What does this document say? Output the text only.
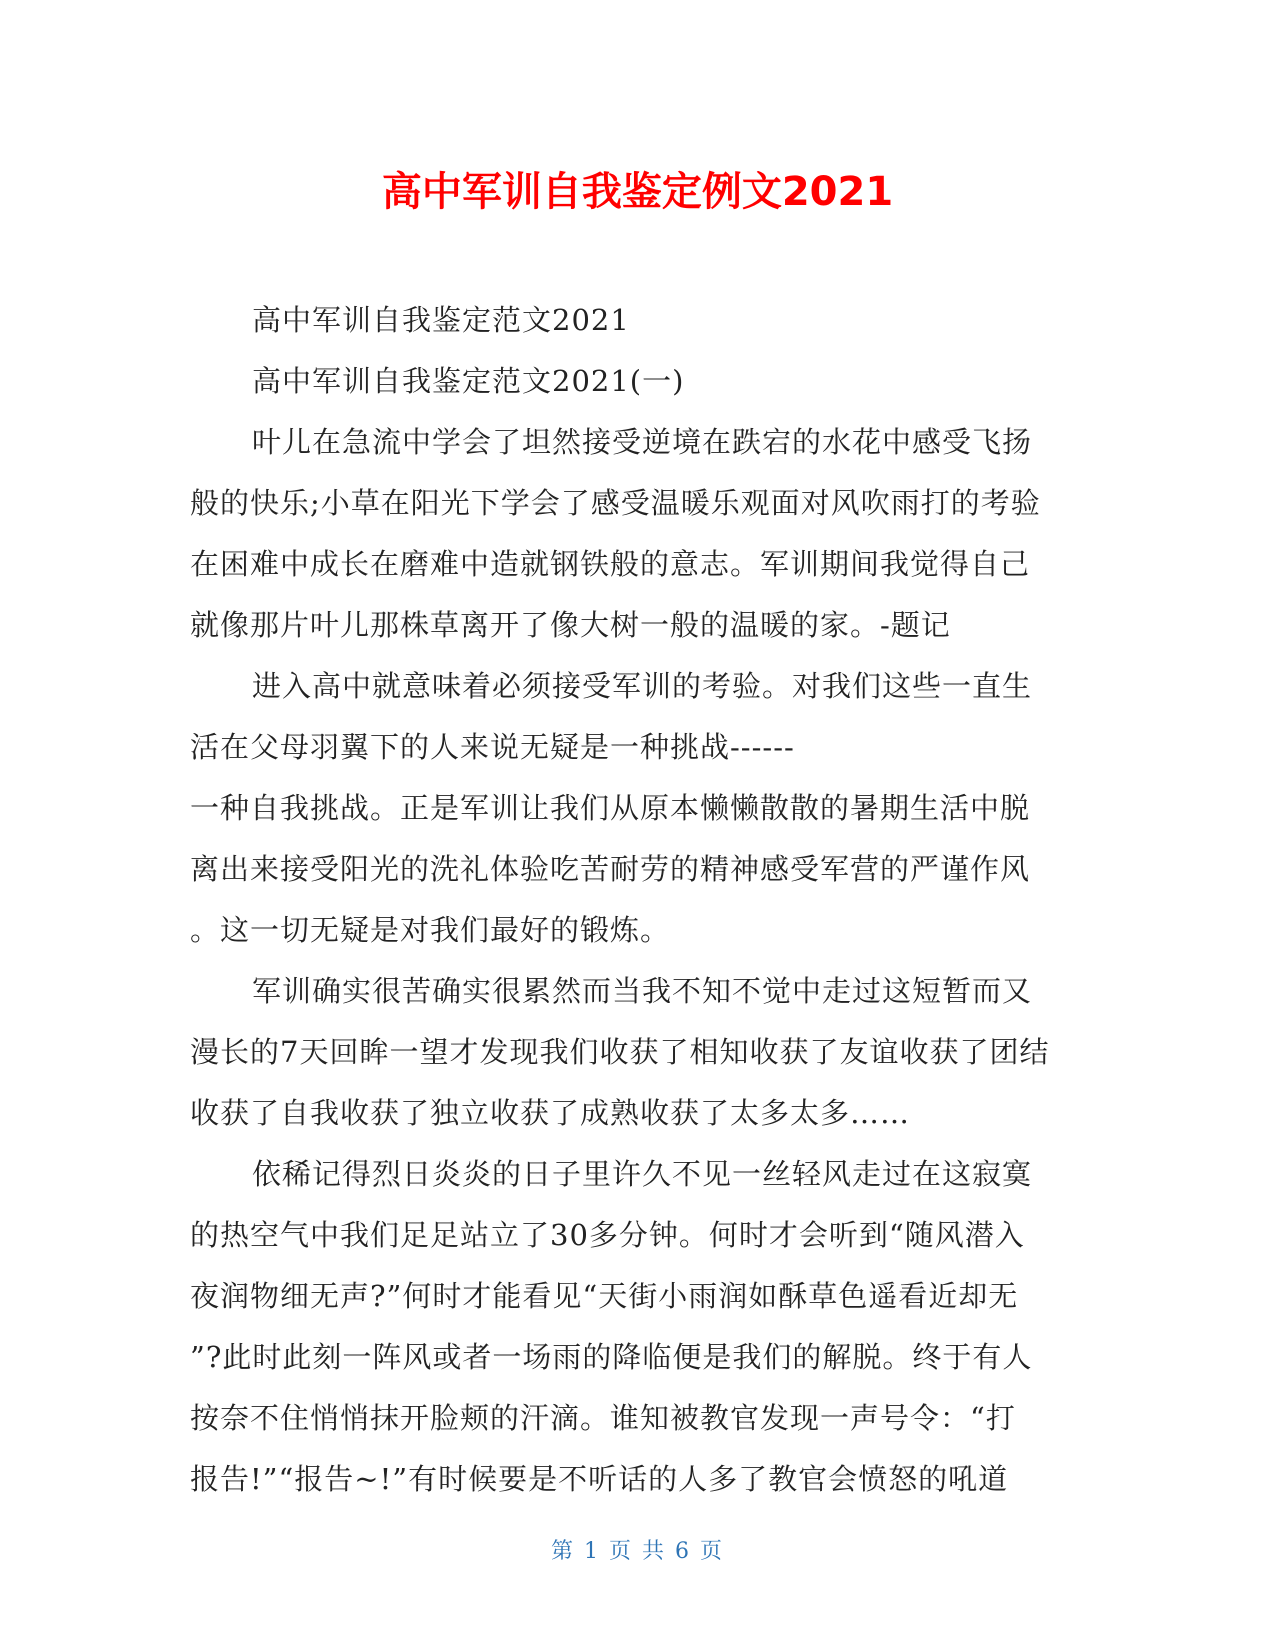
高中军训自我鉴定例文2021
高中军训自我鉴定范文2021
高中军训自我鉴定范文2021(一)
叶儿在急流中学会了坦然接受逆境在跌宕的水花中感受飞扬
般的快乐;小草在阳光下学会了感受温暖乐观面对风吹雨打的考验
在困难中成长在磨难中造就钢铁般的意志。军训期间我觉得自己
就像那片叶儿那株草离开了像大树一般的温暖的家。-题记
进入高中就意味着必须接受军训的考验。对我们这些一直生
活在父母羽翼下的人来说无疑是一种挑战------
一种自我挑战。正是军训让我们从原本懒懒散散的暑期生活中脱
离出来接受阳光的洗礼体验吃苦耐劳的精神感受军营的严谨作风
。这一切无疑是对我们最好的锻炼。
军训确实很苦确实很累然而当我不知不觉中走过这短暂而又
漫长的7天回眸一望才发现我们收获了相知收获了友谊收获了团结
收获了自我收获了独立收获了成熟收获了太多太多……
依稀记得烈日炎炎的日子里许久不见一丝轻风走过在这寂寞
的热空气中我们足足站立了30多分钟。何时才会听到“随风潜入
夜润物细无声?”何时才能看见“天街小雨润如酥草色遥看近却无
”?此时此刻一阵风或者一场雨的降临便是我们的解脱。终于有人
按奈不住悄悄抹开脸颊的汗滴。谁知被教官发现一声号令：“打
报告!”“报告~!”有时候要是不听话的人多了教官会愤怒的吼道
第 1 页 共 6 页
